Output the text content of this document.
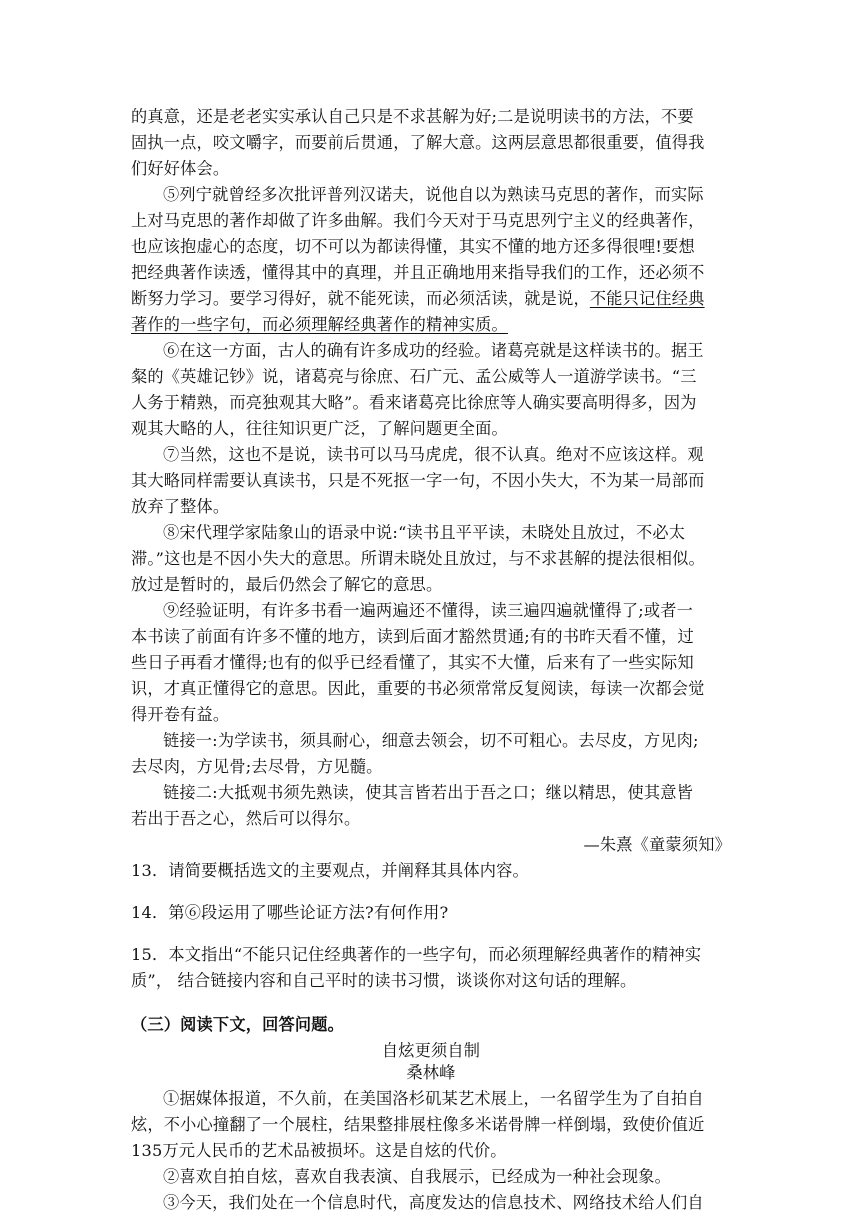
的真意，还是老老实实承认自己只是不求甚解为好;二是说明读书的方法，不要
固执一点，咬文嚼字，而要前后贯通，了解大意。这两层意思都很重要，值得我
们好好体会。
⑤列宁就曾经多次批评普列汉诺夫，说他自以为熟读马克思的著作，而实际
上对马克思的著作却做了许多曲解。我们今天对于马克思列宁主义的经典著作，
也应该抱虚心的态度，切不可以为都读得懂，其实不懂的地方还多得很哩!要想
把经典著作读透，懂得其中的真理，并且正确地用来指导我们的工作，还必须不
断努力学习。要学习得好，就不能死读，而必须活读，就是说，不能只记住经典
著作的一些字句，而必须理解经典著作的精神实质。
⑥在这一方面，古人的确有许多成功的经验。诸葛亮就是这样读书的。据王
粲的《英雄记钞》说，诸葛亮与徐庶、石广元、孟公威等人一道游学读书。“三
人务于精熟，而亮独观其大略”。看来诸葛亮比徐庶等人确实要高明得多，因为
观其大略的人，往往知识更广泛，了解问题更全面。
⑦当然，这也不是说，读书可以马马虎虎，很不认真。绝对不应该这样。观
其大略同样需要认真读书，只是不死抠一字一句，不因小失大，不为某一局部而
放弃了整体。
⑧宋代理学家陆象山的语录中说:“读书且平平读，未晓处且放过，不必太
滞。”这也是不因小失大的意思。所谓未晓处且放过，与不求甚解的提法很相似。
放过是暂时的，最后仍然会了解它的意思。
⑨经验证明，有许多书看一遍两遍还不懂得，读三遍四遍就懂得了;或者一
本书读了前面有许多不懂的地方，读到后面才豁然贯通;有的书昨天看不懂，过
些日子再看才懂得;也有的似乎已经看懂了，其实不大懂，后来有了一些实际知
识，才真正懂得它的意思。因此，重要的书必须常常反复阅读，每读一次都会觉
得开卷有益。
链接一:为学读书，须具耐心，细意去领会，切不可粗心。去尽皮，方见肉;
去尽肉，方见骨;去尽骨，方见髓。
链接二:大抵观书须先熟读，使其言皆若出于吾之口；继以精思，使其意皆
若出于吾之心，然后可以得尔。
—朱熹《童蒙须知》
13．请简要概括选文的主要观点，并阐释其具体内容。
14．第⑥段运用了哪些论证方法?有何作用?
15．本文指出“不能只记住经典著作的一些字句，而必须理解经典著作的精神实
质”， 结合链接内容和自己平时的读书习惯，谈谈你对这句话的理解。
（三）阅读下文，回答问题。
自炫更须自制
桑林峰
①据媒体报道，不久前，在美国洛杉矶某艺术展上，一名留学生为了自拍自
炫，不小心撞翻了一个展柱，结果整排展柱像多米诺骨牌一样倒塌，致使价值近
135万元人民币的艺术品被损坏。这是自炫的代价。
②喜欢自拍自炫，喜欢自我表演、自我展示，已经成为一种社会现象。
③今天，我们处在一个信息时代，高度发达的信息技术、网络技术给人们自
